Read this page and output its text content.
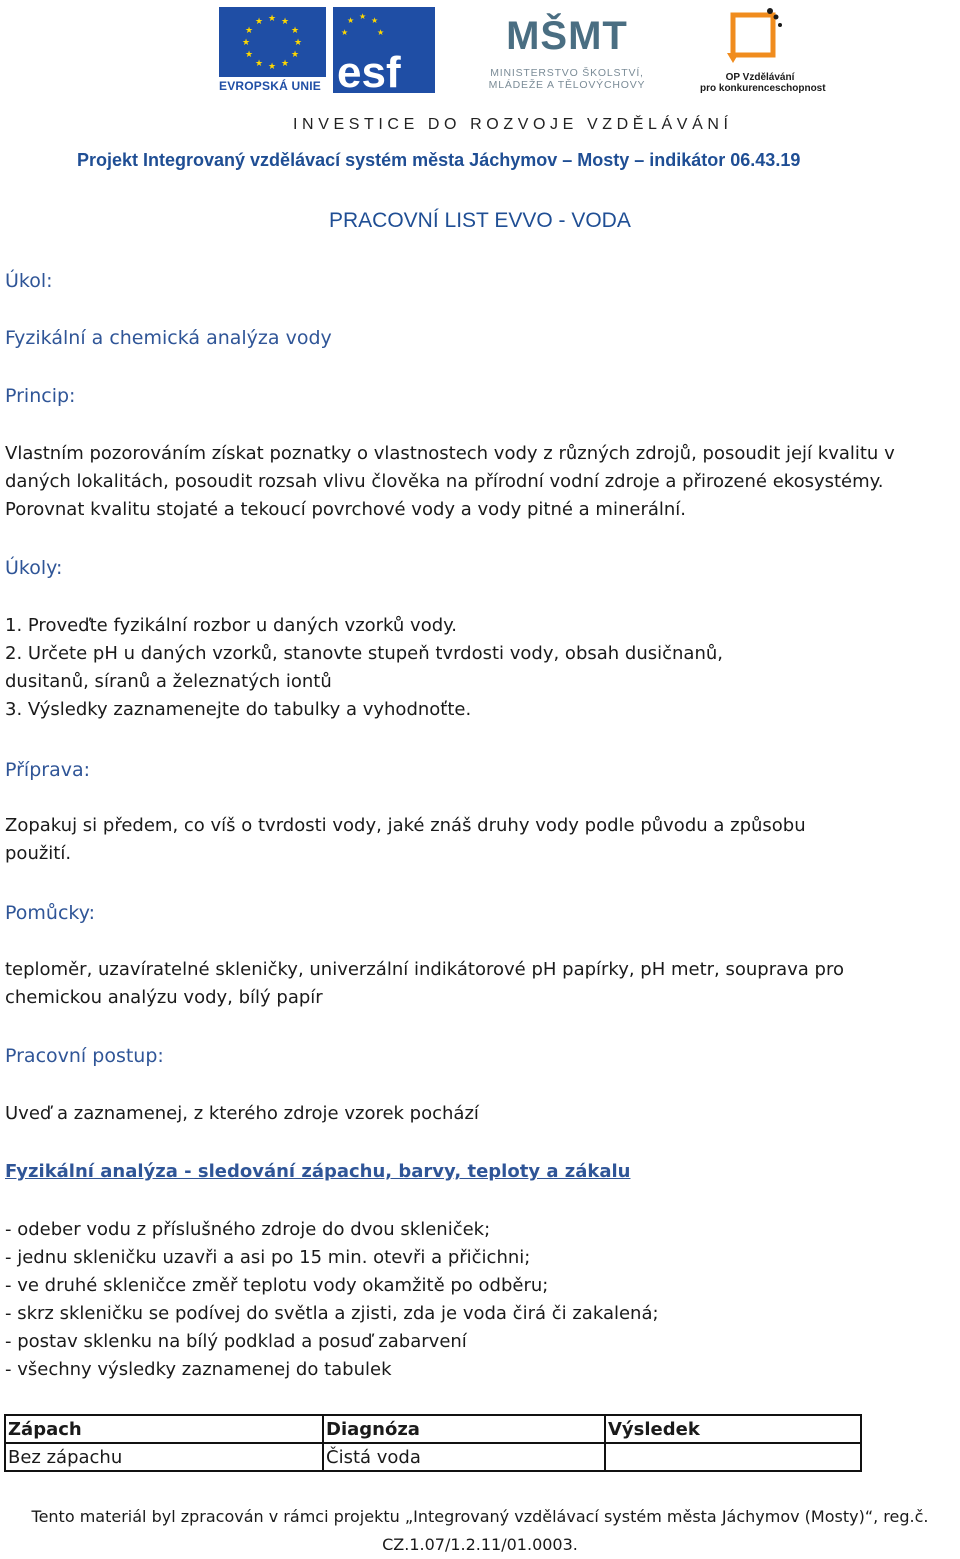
★ ★
★
★
★
★
★
★
★
★
★
★
EVROPSKÁ UNIE
★ ★ ★
★	★
esf
MŠMT
MINISTERSTVO ŠKOLSTVÍ,
MLÁDEŽE A TĚLOVÝCHOVY
OP Vzdělávání
pro konkurenceschopnost
INVESTICE DO ROZVOJE VZDĚLÁVÁNÍ
Projekt Integrovaný vzdělávací systém města Jáchymov – Mosty – indikátor 06.43.19
PRACOVNÍ LIST EVVO - VODA
Úkol:
Fyzikální a chemická analýza vody
Princip:
Vlastním pozorováním získat poznatky o vlastnostech vody z různých zdrojů, posoudit její kvalitu v
daných lokalitách, posoudit rozsah vlivu člověka na přírodní vodní zdroje a přirozené ekosystémy.
Porovnat kvalitu stojaté a tekoucí povrchové vody a vody pitné a minerální.
Úkoly:
1. Proveďte fyzikální rozbor u daných vzorků vody.
2. Určete pH u daných vzorků, stanovte stupeň tvrdosti vody, obsah dusičnanů,
dusitanů, síranů a železnatých iontů
3. Výsledky zaznamenejte do tabulky a vyhodnoťte.
Příprava:
Zopakuj si předem, co víš o tvrdosti vody, jaké znáš druhy vody podle původu a způsobu
použití.
Pomůcky:
teploměr, uzavíratelné skleničky, univerzální indikátorové pH papírky, pH metr, souprava pro
chemickou analýzu vody, bílý papír
Pracovní postup:
Uveď a zaznamenej, z kterého zdroje vzorek pochází
Fyzikální analýza - sledování zápachu, barvy, teploty a zákalu
- odeber vodu z příslušného zdroje do dvou skleniček;
- jednu skleničku uzavři a asi po 15 min. otevři a přičichni;
- ve druhé skleničce změř teplotu vody okamžitě po odběru;
- skrz skleničku se podívej do světla a zjisti, zda je voda čirá či zakalená;
- postav sklenku na bílý podklad a posuď zabarvení
- všechny výsledky zaznamenej do tabulek
Zápach	Diagnóza	Výsledek
Bez zápachu	Čistá voda	
Tento materiál byl zpracován v rámci projektu „Integrovaný vzdělávací systém města Jáchymov (Mosty)“, reg.č.
CZ.1.07/1.2.11/01.0003.
